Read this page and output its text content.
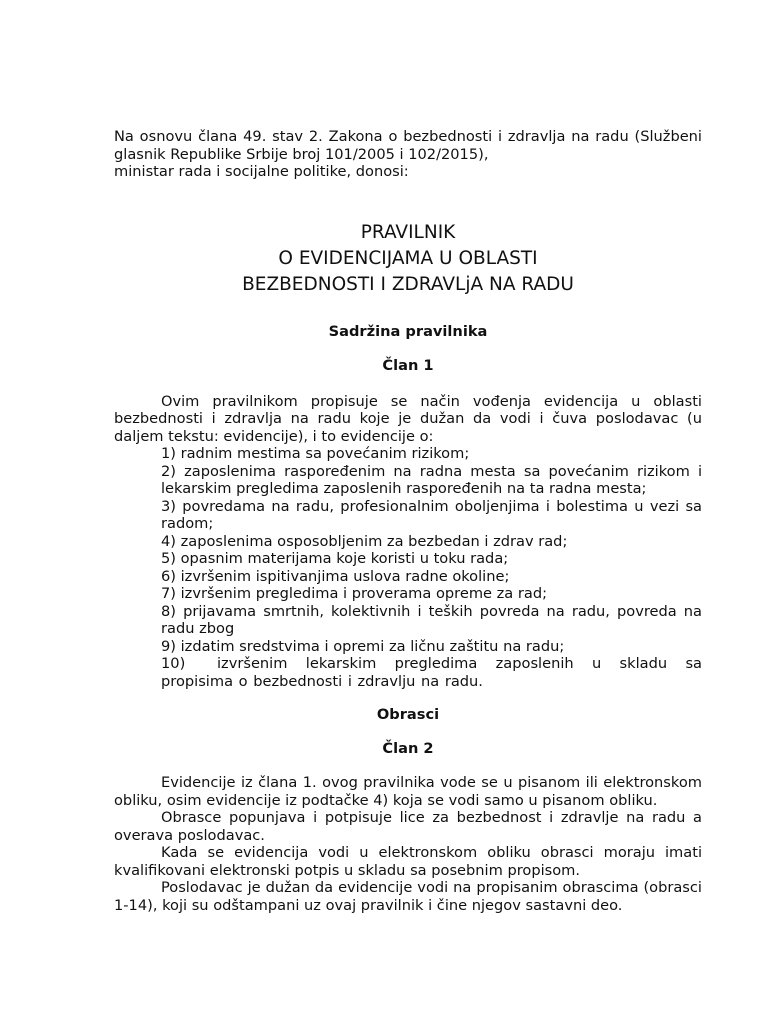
Na osnovu člana 49. stav 2. Zakona o bezbednosti i zdravlja na radu (Službeni glasnik Republike Srbije broj 101/2005 i 102/2015),

ministar rada i socijalne politike, donosi:

PRAVILNIK
O EVIDENCIJAMA U OBLASTI
BEZBEDNOSTI I ZDRAVLjA NA RADU

Sadržina pravilnika

Član 1

Ovim pravilnikom propisuje se način vođenja evidencija u oblasti bezbednosti i zdravlja na radu koje je dužan da vodi i čuva poslodavac (u daljem tekstu: evidencije), i to evidencije o:

1) radnim mestima sa povećanim rizikom;

2) zaposlenima raspoređenim na radna mesta sa povećanim rizikom i lekarskim pregledima zaposlenih raspoređenih na ta radna mesta;

3) povredama na radu, profesionalnim oboljenjima i bolestima u vezi sa radom;

4) zaposlenima osposobljenim za bezbedan i zdrav rad;

5) opasnim materijama koje koristi u toku rada;

6) izvršenim ispitivanjima uslova radne okoline;

7) izvršenim pregledima i proverama opreme za rad;

8) prijavama smrtnih, kolektivnih i teških povreda na radu, povreda na radu zbog

9) izdatim sredstvima i opremi za ličnu zaštitu na radu;

10) izvršenim lekarskim pregledima zaposlenih u skladu sa propisima o bezbednosti i zdravlju na radu.

Obrasci

Član 2

Evidencije iz člana 1. ovog pravilnika vode se u pisanom ili elektronskom obliku, osim evidencije iz podtačke 4) koja se vodi samo u pisanom obliku.

Obrasce popunjava i potpisuje lice za bezbednost i zdravlje na radu a overava poslodavac.

Kada se evidencija vodi u elektronskom obliku obrasci moraju imati kvalifikovani elektronski potpis u skladu sa posebnim propisom.

Poslodavac je dužan da evidencije vodi na propisanim obrascima (obrasci 1-14), koji su odštampani uz ovaj pravilnik i čine njegov sastavni deo.
